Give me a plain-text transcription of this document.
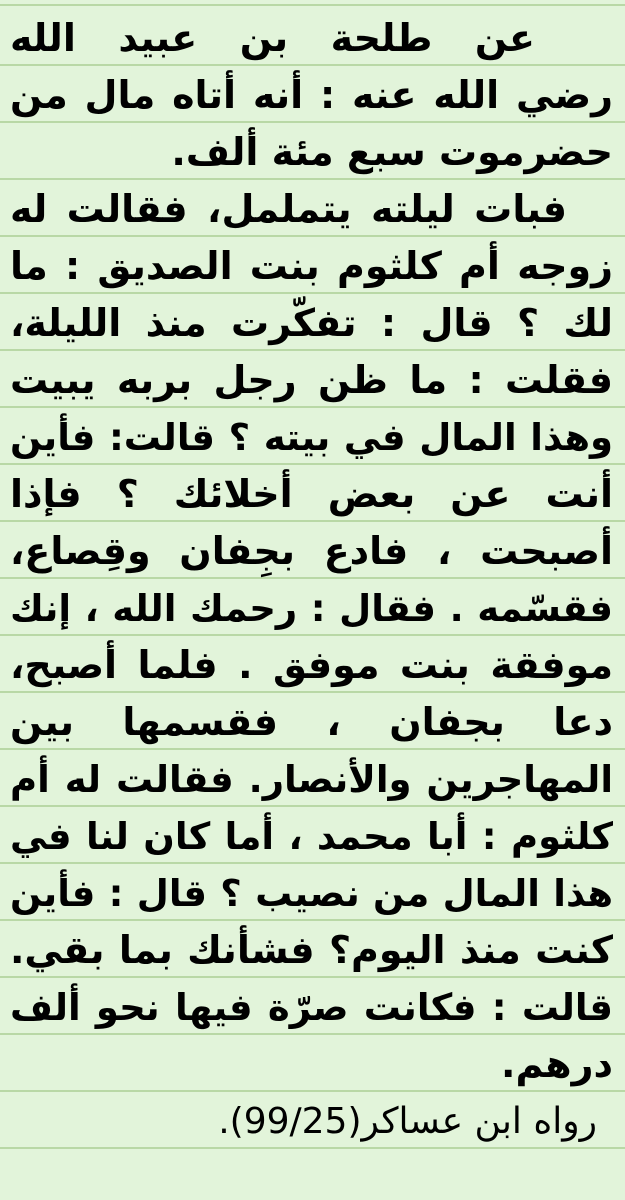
عن طلحة بن عبيد الله
رضي الله عنه : أنه أتاه مال من
حضرموت سبع مئة ألف.
فبات ليلته يتململ، فقالت له
زوجه أم كلثوم بنت الصديق : ما
لك ؟ قال : تفكّرت منذ الليلة،
فقلت : ما ظن رجل بربه يبيت
وهذا المال في بيته ؟ قالت: فأين
أنت عن بعض أخلائك ؟ فإذا
أصبحت ، فادع بجِفان وقِصاع،
فقسّمه . فقال : رحمك الله ، إنك
موفقة بنت موفق . فلما أصبح،
دعا بجفان ، فقسمها بين
المهاجرين والأنصار. فقالت له أم
كلثوم : أبا محمد ، أما كان لنا في
هذا المال من نصيب ؟ قال : فأين
كنت منذ اليوم؟ فشأنك بما بقي.
قالت : فكانت صرّة فيها نحو ألف
درهم.
رواه ابن عساكر(99/25).
